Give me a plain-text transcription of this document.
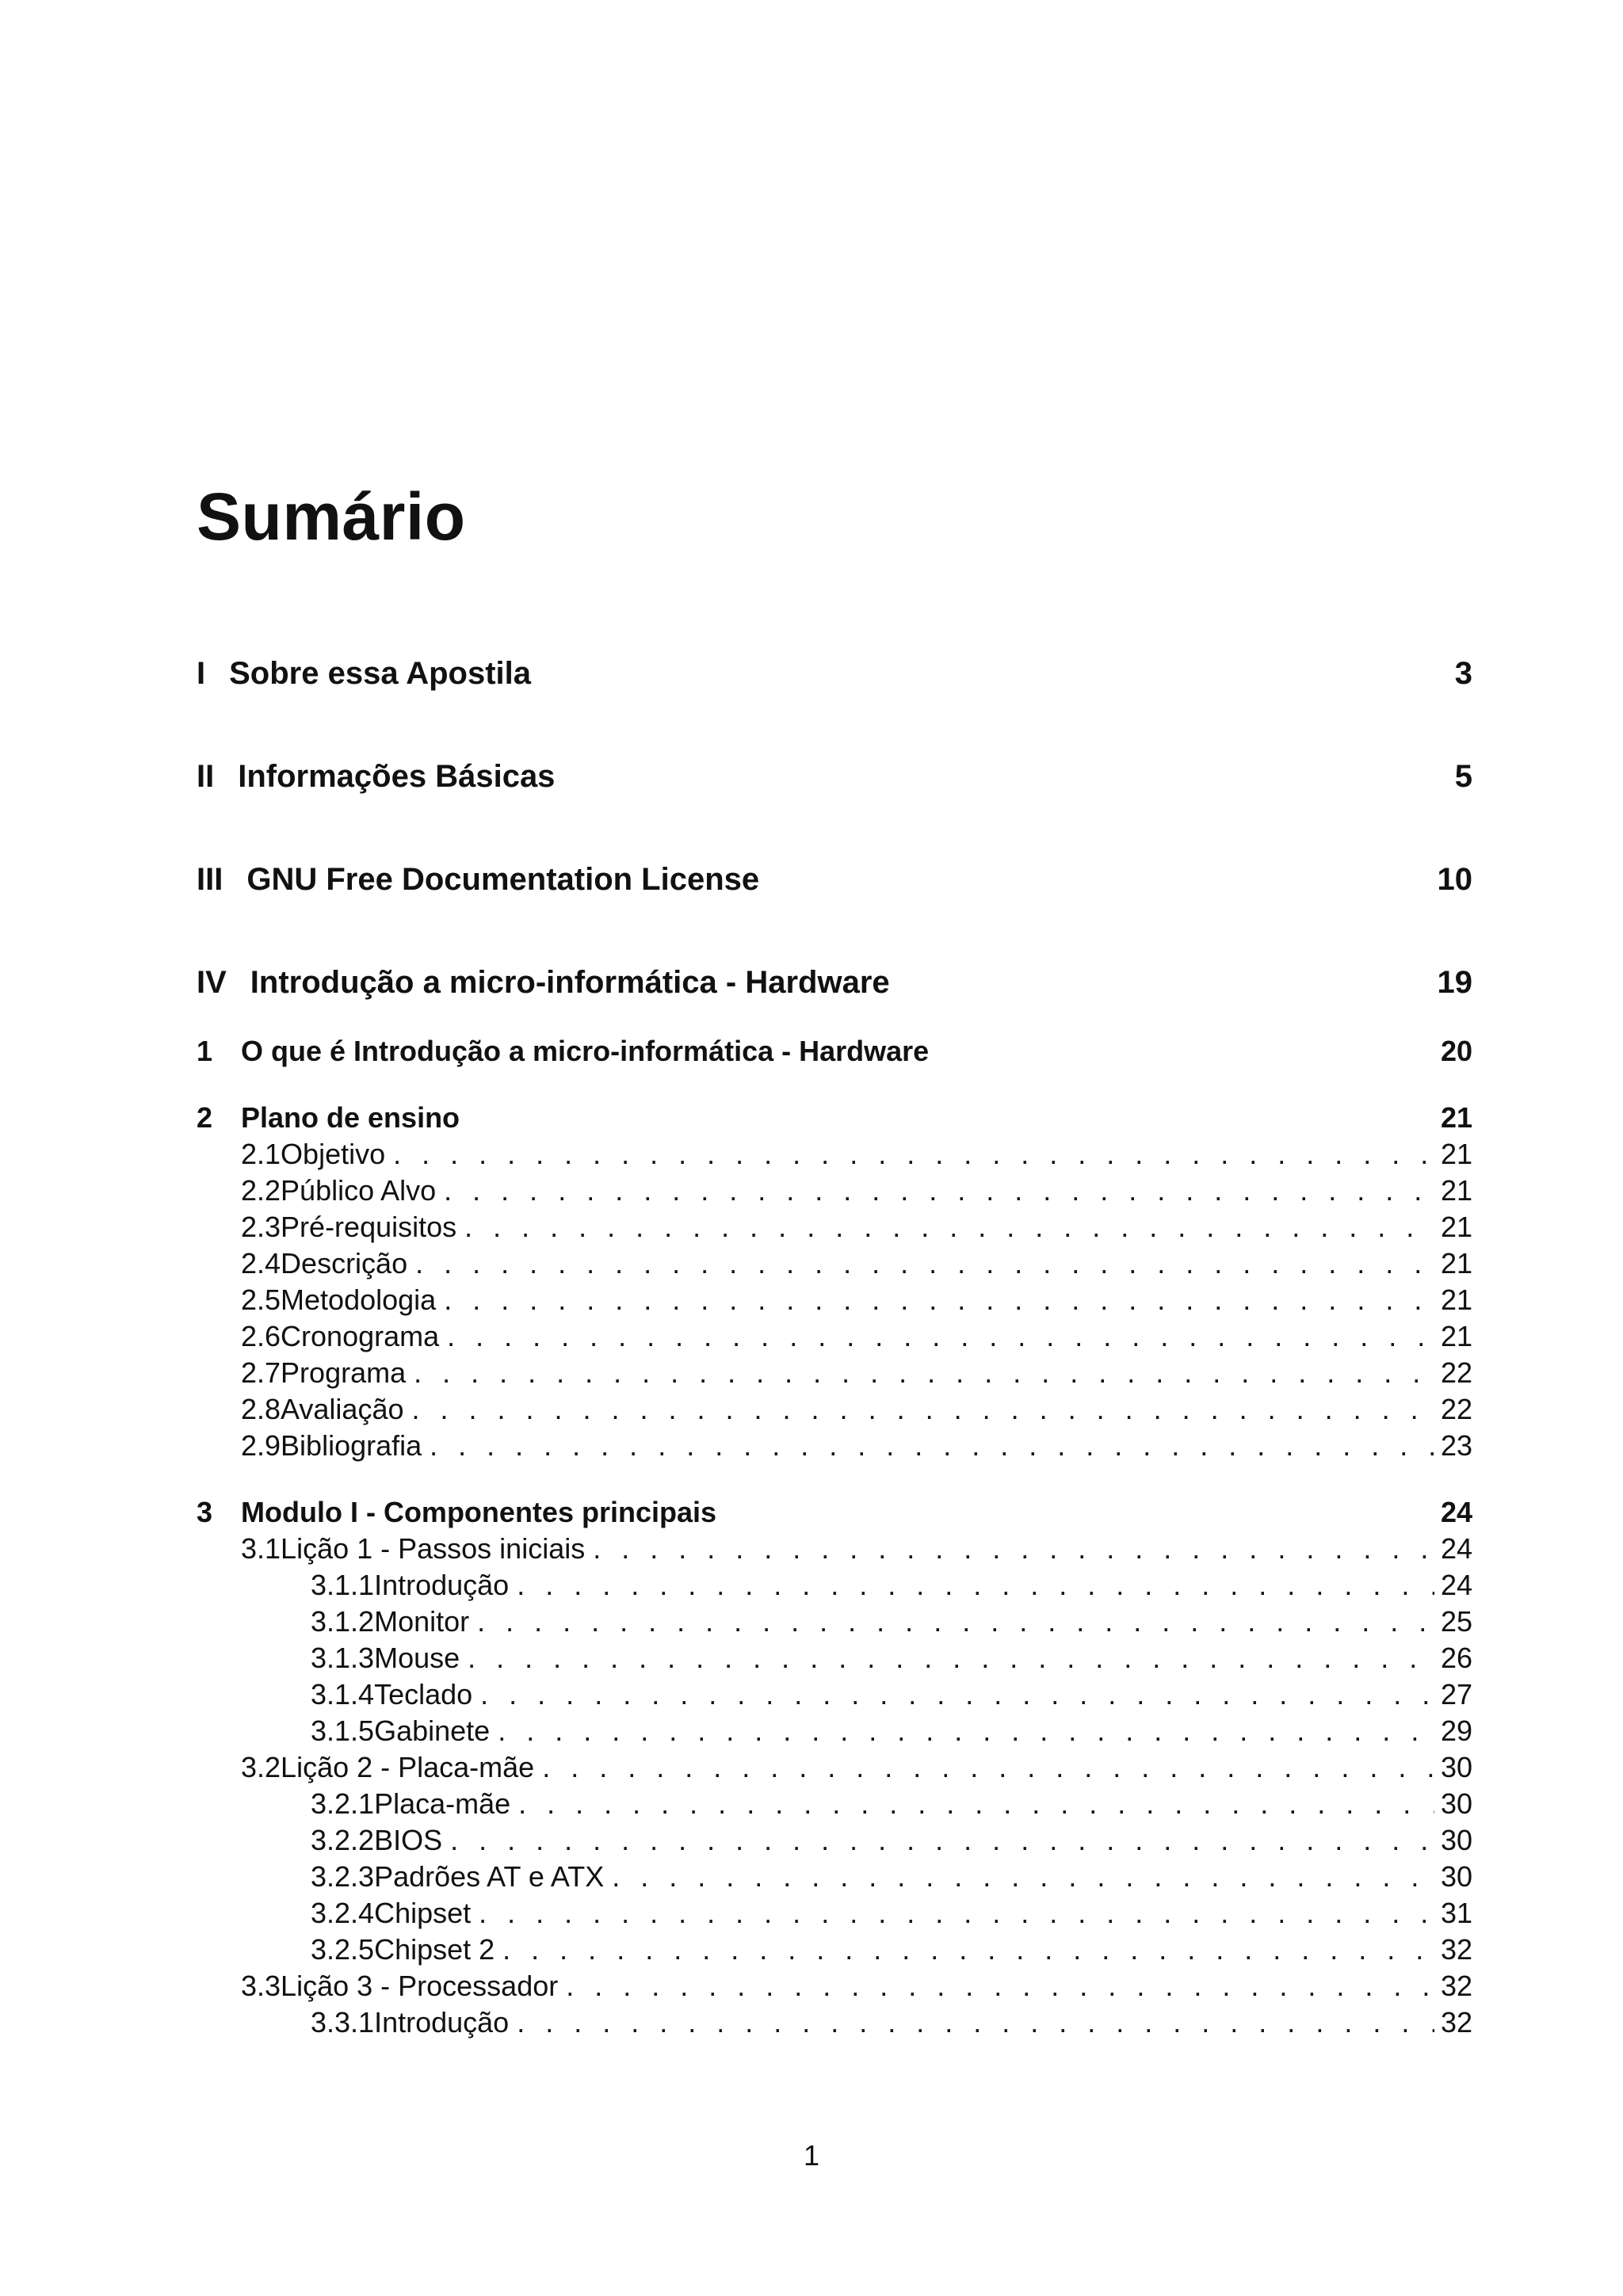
Sumário
I Sobre essa Apostila	3
II Informações Básicas	5
III GNU Free Documentation License	10
IV Introdução a micro-informática - Hardware	19
1 O que é Introdução a micro-informática - Hardware	20
2 Plano de ensino	21
2.1 Objetivo . . .	21
2.2 Público Alvo . . .	21
2.3 Pré-requisitos . . .	21
2.4 Descrição . . .	21
2.5 Metodologia . . .	21
2.6 Cronograma . . .	21
2.7 Programa . . .	22
2.8 Avaliação . . .	22
2.9 Bibliografia . . .	23
3 Modulo I - Componentes principais	24
3.1 Lição 1 - Passos iniciais . . .	24
3.1.1 Introdução . . .	24
3.1.2 Monitor . . .	25
3.1.3 Mouse . . .	26
3.1.4 Teclado . . .	27
3.1.5 Gabinete . . .	29
3.2 Lição 2 - Placa-mãe . . .	30
3.2.1 Placa-mãe . . .	30
3.2.2 BIOS . . .	30
3.2.3 Padrões AT e ATX . . .	30
3.2.4 Chipset . . .	31
3.2.5 Chipset 2 . . .	32
3.3 Lição 3 - Processador . . .	32
3.3.1 Introdução . . .	32
1
